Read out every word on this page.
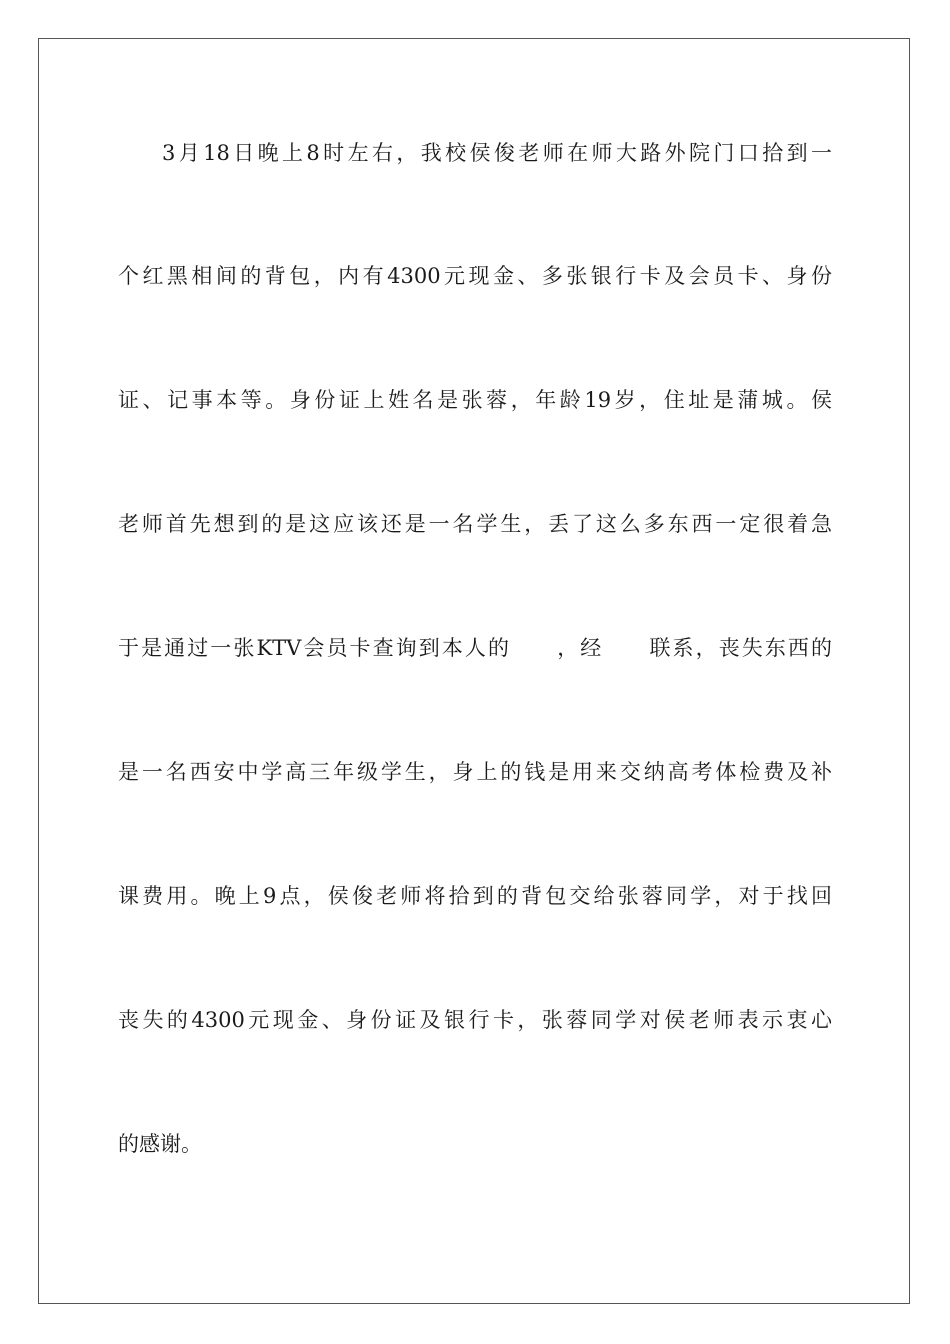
3月18日晚上8时左右，我校侯俊老师在师大路外院门口拾到一
个红黑相间的背包，内有4300元现金、多张银行卡及会员卡、身份
证、记事本等。身份证上姓名是张蓉，年龄19岁，住址是蒲城。侯
老师首先想到的是这应该还是一名学生，丢了这么多东西一定很着急
于是通过一张KTV会员卡查询到本人的　　，经　　联系，丧失东西的
是一名西安中学高三年级学生，身上的钱是用来交纳高考体检费及补
课费用。晚上9点，侯俊老师将拾到的背包交给张蓉同学，对于找回
丧失的4300元现金、身份证及银行卡，张蓉同学对侯老师表示衷心
的感谢。
